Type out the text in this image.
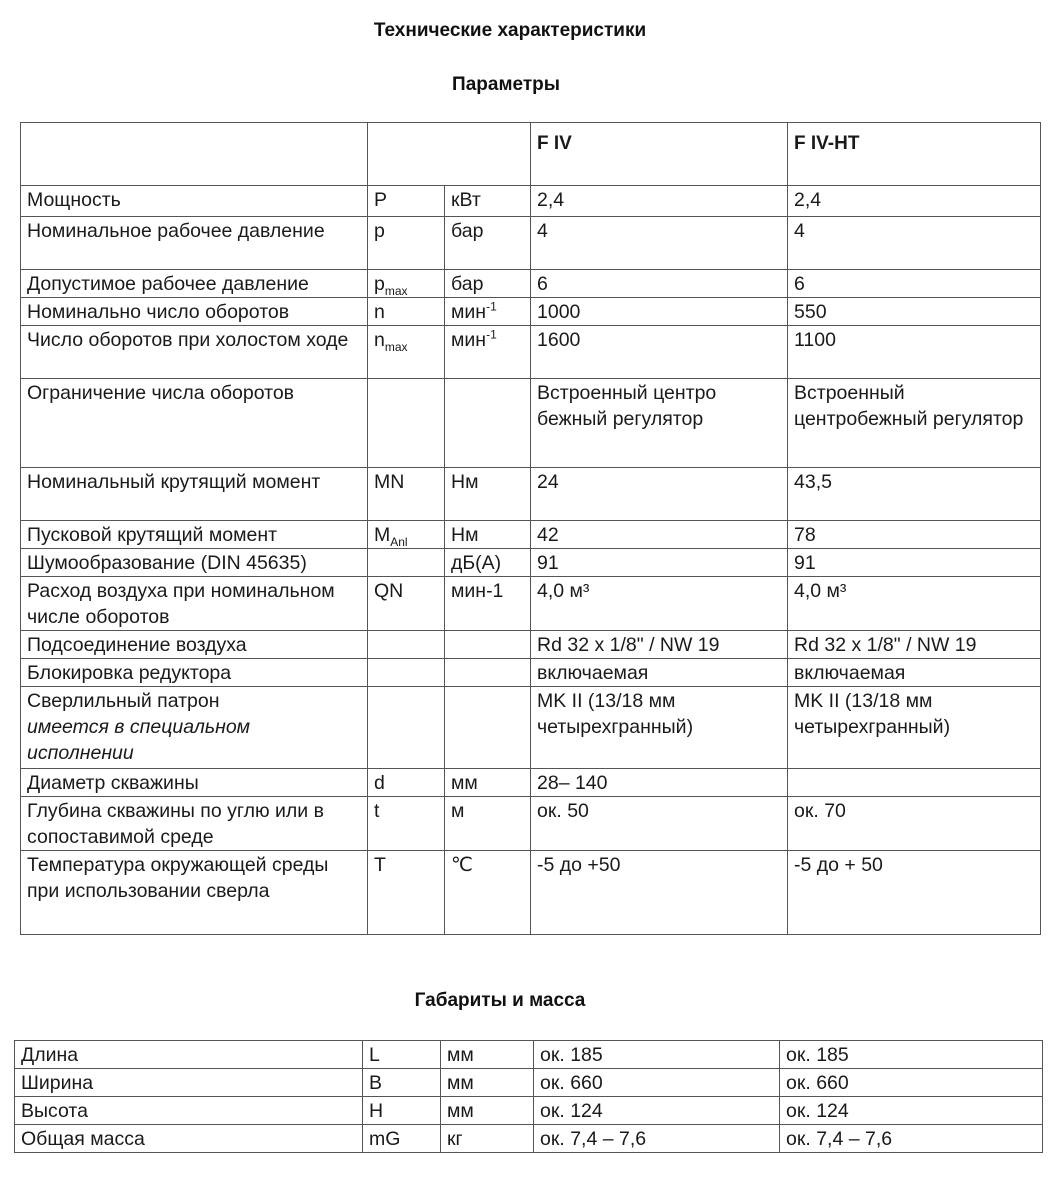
Технические характеристики
Параметры
			F IV	F IV-HT
Мощность	P	кВт	2,4	2,4
Номинальное рабочее давление	p	бар	4	4
Допустимое рабочее давление	$p_{max}$	бар	6	6
Номинально число оборотов	n	мин$^{-1}$	1000	550
Число оборотов при холостом ходе	$n_{max}$	мин$^{-1}$	1600	1100
Ограничение числа оборотов			Встроенный центро бежный регулятор	Встроенный центробежный регулятор
Номинальный крутящий момент	MN	Нм	24	43,5
Пусковой крутящий момент	$M_{Anl}$	Нм	42	78
Шумообразование (DIN 45635)		дБ(А)	91	91
Расход воздуха при номинальном числе оборотов	QN	мин-1	4,0 м³	4,0 м³
Подсоединение воздуха			Rd 32 x 1/8" / NW 19	Rd 32 x 1/8" / NW 19
Блокировка редуктора			включаемая	включаемая
Сверлильный патрон
имеется в специальном исполнении			MK II (13/18 мм четырехгранный)	MK II (13/18 мм четырехгранный)
Диаметр скважины	d	мм	28– 140	
Глубина скважины по углю или в сопоставимой среде	t	м	ок. 50	ок. 70
Температура окружающей среды при использовании сверла	T	℃	-5 до +50	-5 до + 50
Габариты и масса
Длина	L	мм	ок. 185	ок. 185
Ширина	B	мм	ок. 660	ок. 660
Высота	H	мм	ок. 124	ок. 124
Общая масса	mG	кг	ок. 7,4 – 7,6	ок. 7,4 – 7,6
